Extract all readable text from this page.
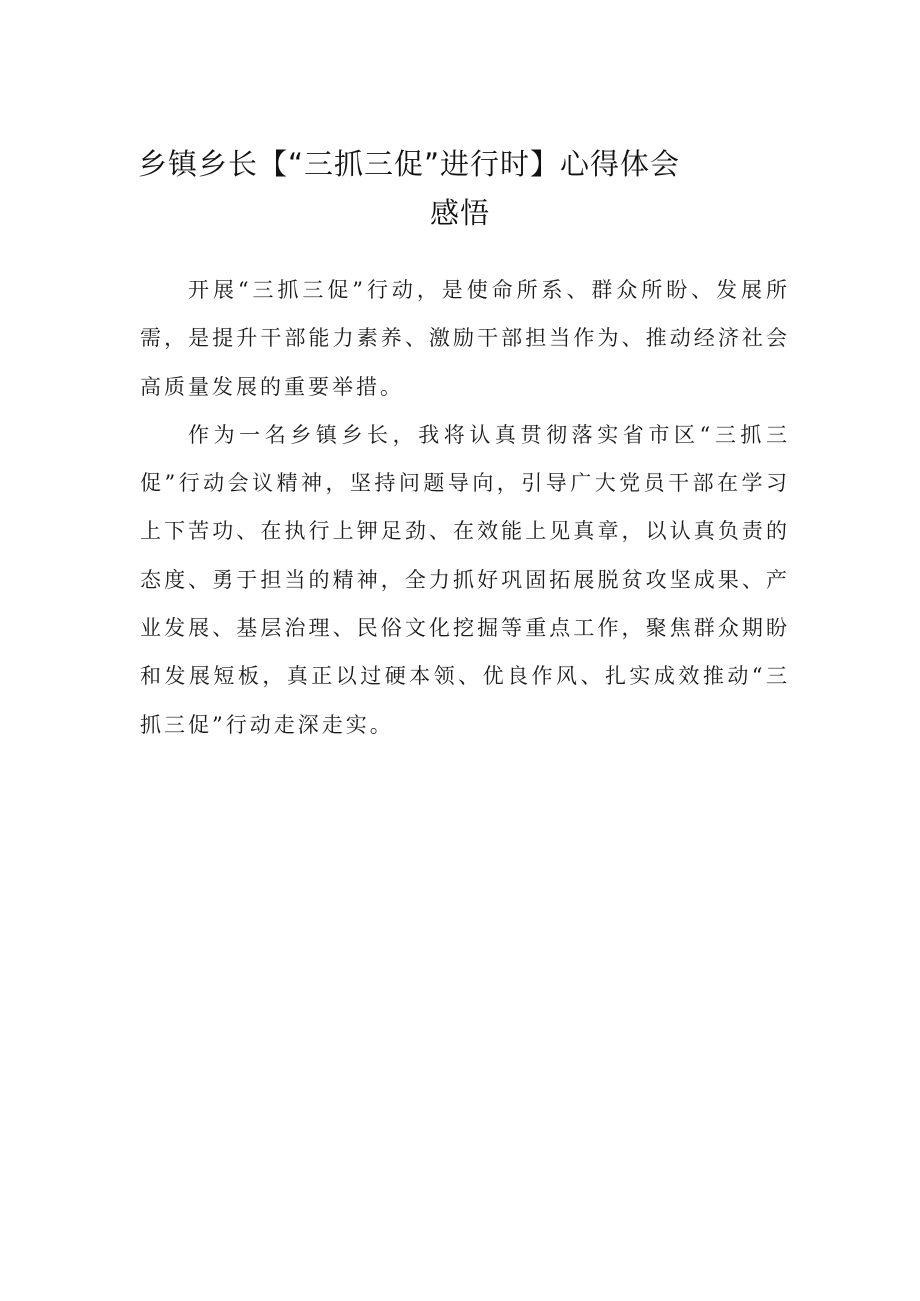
乡镇乡长【“三抓三促”进行时】心得体会
感悟

开展“三抓三促”行动，是使命所系、群众所盼、发展所需，是提升干部能力素养、激励干部担当作为、推动经济社会高质量发展的重要举措。

作为一名乡镇乡长，我将认真贯彻落实省市区“三抓三促”行动会议精神，坚持问题导向，引导广大党员干部在学习上下苦功、在执行上钾足劲、在效能上见真章，以认真负责的态度、勇于担当的精神，全力抓好巩固拓展脱贫攻坚成果、产业发展、基层治理、民俗文化挖掘等重点工作，聚焦群众期盼和发展短板，真正以过硬本领、优良作风、扎实成效推动“三抓三促”行动走深走实。
